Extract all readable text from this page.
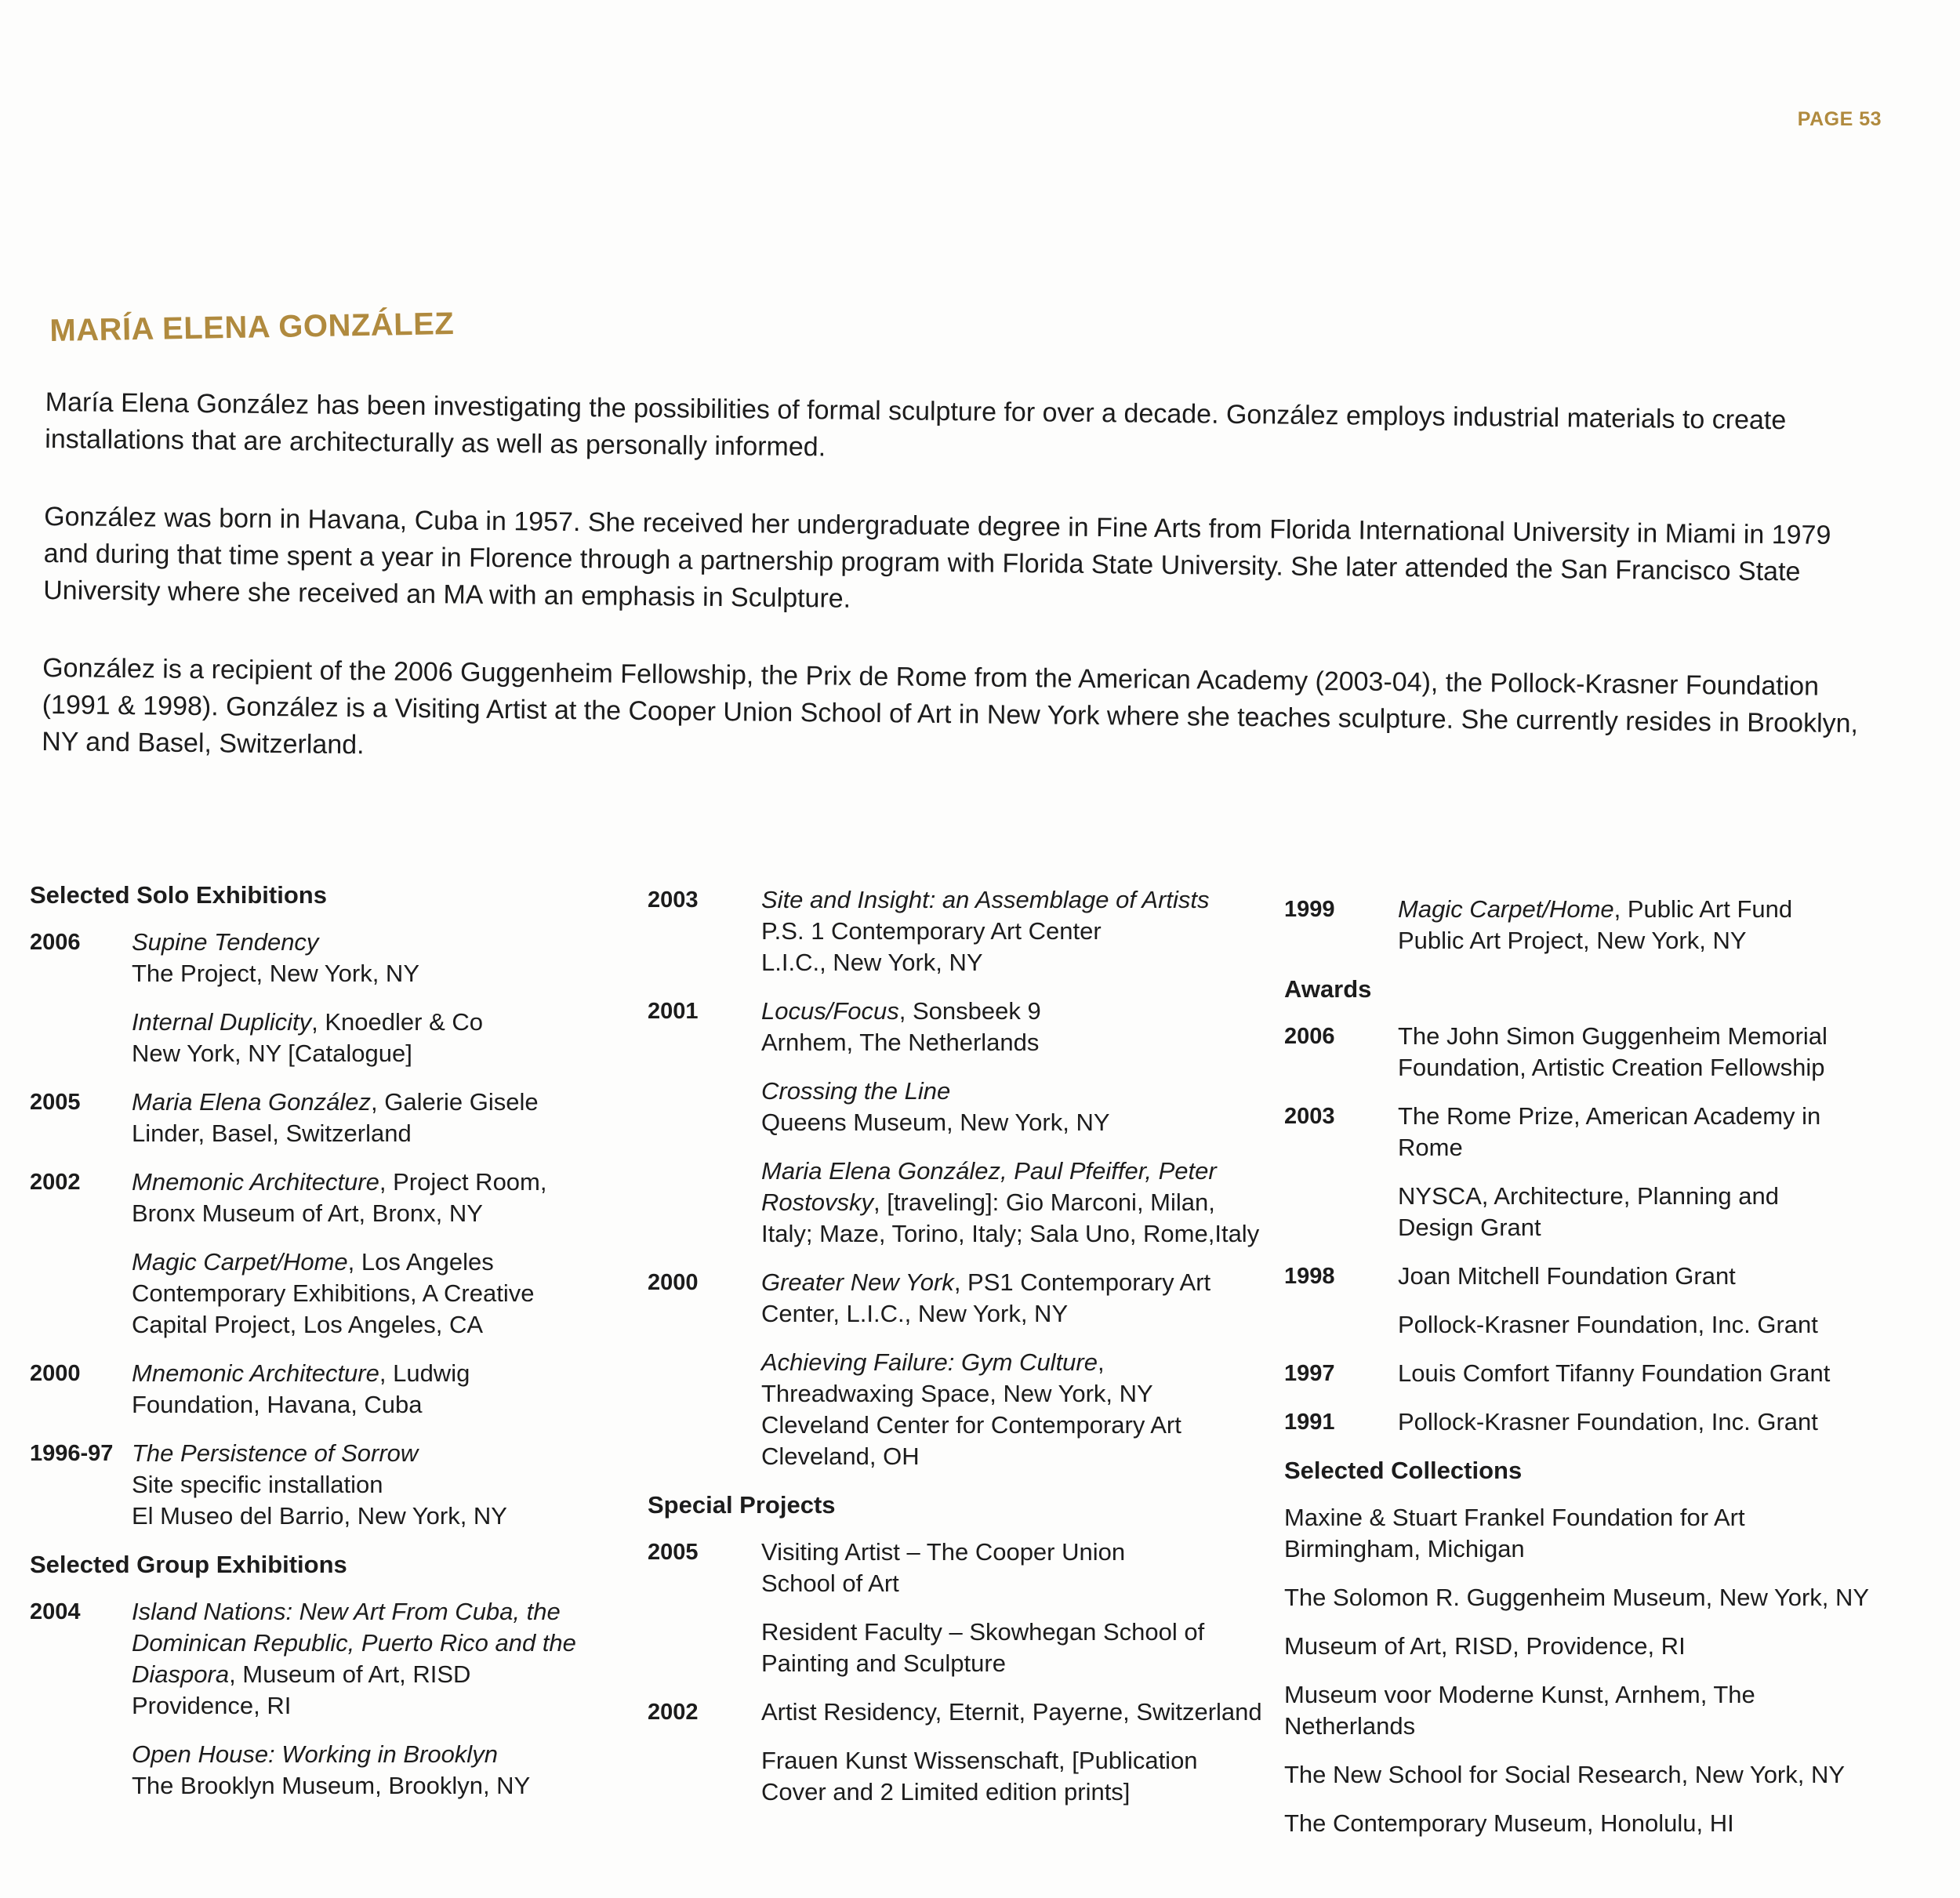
PAGE 53
MARÍA ELENA GONZÁLEZ

María Elena González has been investigating the possibilities of formal sculpture for over a decade. González employs industrial materials to create installations that are architecturally as well as personally informed.

González was born in Havana, Cuba in 1957. She received her undergraduate degree in Fine Arts from Florida International University in Miami in 1979 and during that time spent a year in Florence through a partnership program with Florida State University. She later attended the San Francisco State University where she received an MA with an emphasis in Sculpture.

González is a recipient of the 2006 Guggenheim Fellowship, the Prix de Rome from the American Academy (2003-04), the Pollock-Krasner Foundation (1991 & 1998). González is a Visiting Artist at the Cooper Union School of Art in New York where she teaches sculpture. She currently resides in Brooklyn, NY and Basel, Switzerland.

Selected Solo Exhibitions
2006	Supine Tendency
The Project, New York, NY
Internal Duplicity, Knoedler & Co
New York, NY [Catalogue]
2005	Maria Elena González, Galerie Gisele
Linder, Basel, Switzerland
2002	Mnemonic Architecture, Project Room,
Bronx Museum of Art, Bronx, NY
Magic Carpet/Home, Los Angeles
Contemporary Exhibitions, A Creative
Capital Project, Los Angeles, CA
2000	Mnemonic Architecture, Ludwig
Foundation, Havana, Cuba
1996-97 The Persistence of Sorrow
Site specific installation
El Museo del Barrio, New York, NY
Selected Group Exhibitions
2004	Island Nations: New Art From Cuba, the
Dominican Republic, Puerto Rico and the
Diaspora, Museum of Art, RISD
Providence, RI
Open House: Working in Brooklyn
The Brooklyn Museum, Brooklyn, NY
2003	Site and Insight: an Assemblage of Artists
P.S. 1 Contemporary Art Center
L.I.C., New York, NY
2001	Locus/Focus, Sonsbeek 9
Arnhem, The Netherlands
Crossing the Line
Queens Museum, New York, NY
Maria Elena González, Paul Pfeiffer, Peter
Rostovsky, [traveling]: Gio Marconi, Milan,
Italy; Maze, Torino, Italy; Sala Uno, Rome,Italy
2000	Greater New York, PS1 Contemporary Art
Center, L.I.C., New York, NY
Achieving Failure: Gym Culture,
Threadwaxing Space, New York, NY
Cleveland Center for Contemporary Art
Cleveland, OH
Special Projects
2005	Visiting Artist – The Cooper Union
School of Art
Resident Faculty – Skowhegan School of
Painting and Sculpture
2002	Artist Residency, Eternit, Payerne, Switzerland
Frauen Kunst Wissenschaft, [Publication
Cover and 2 Limited edition prints]
1999	Magic Carpet/Home, Public Art Fund
Public Art Project, New York, NY
Awards
2006	The John Simon Guggenheim Memorial
Foundation, Artistic Creation Fellowship
2003	The Rome Prize, American Academy in Rome
NYSCA, Architecture, Planning and
Design Grant
1998	Joan Mitchell Foundation Grant
Pollock-Krasner Foundation, Inc. Grant
1997	Louis Comfort Tifanny Foundation Grant
1991	Pollock-Krasner Foundation, Inc. Grant
Selected Collections
Maxine & Stuart Frankel Foundation for Art
Birmingham, Michigan
The Solomon R. Guggenheim Museum, New York, NY
Museum of Art, RISD, Providence, RI
Museum voor Moderne Kunst, Arnhem, The Netherlands
The New School for Social Research, New York, NY
The Contemporary Museum, Honolulu, HI
